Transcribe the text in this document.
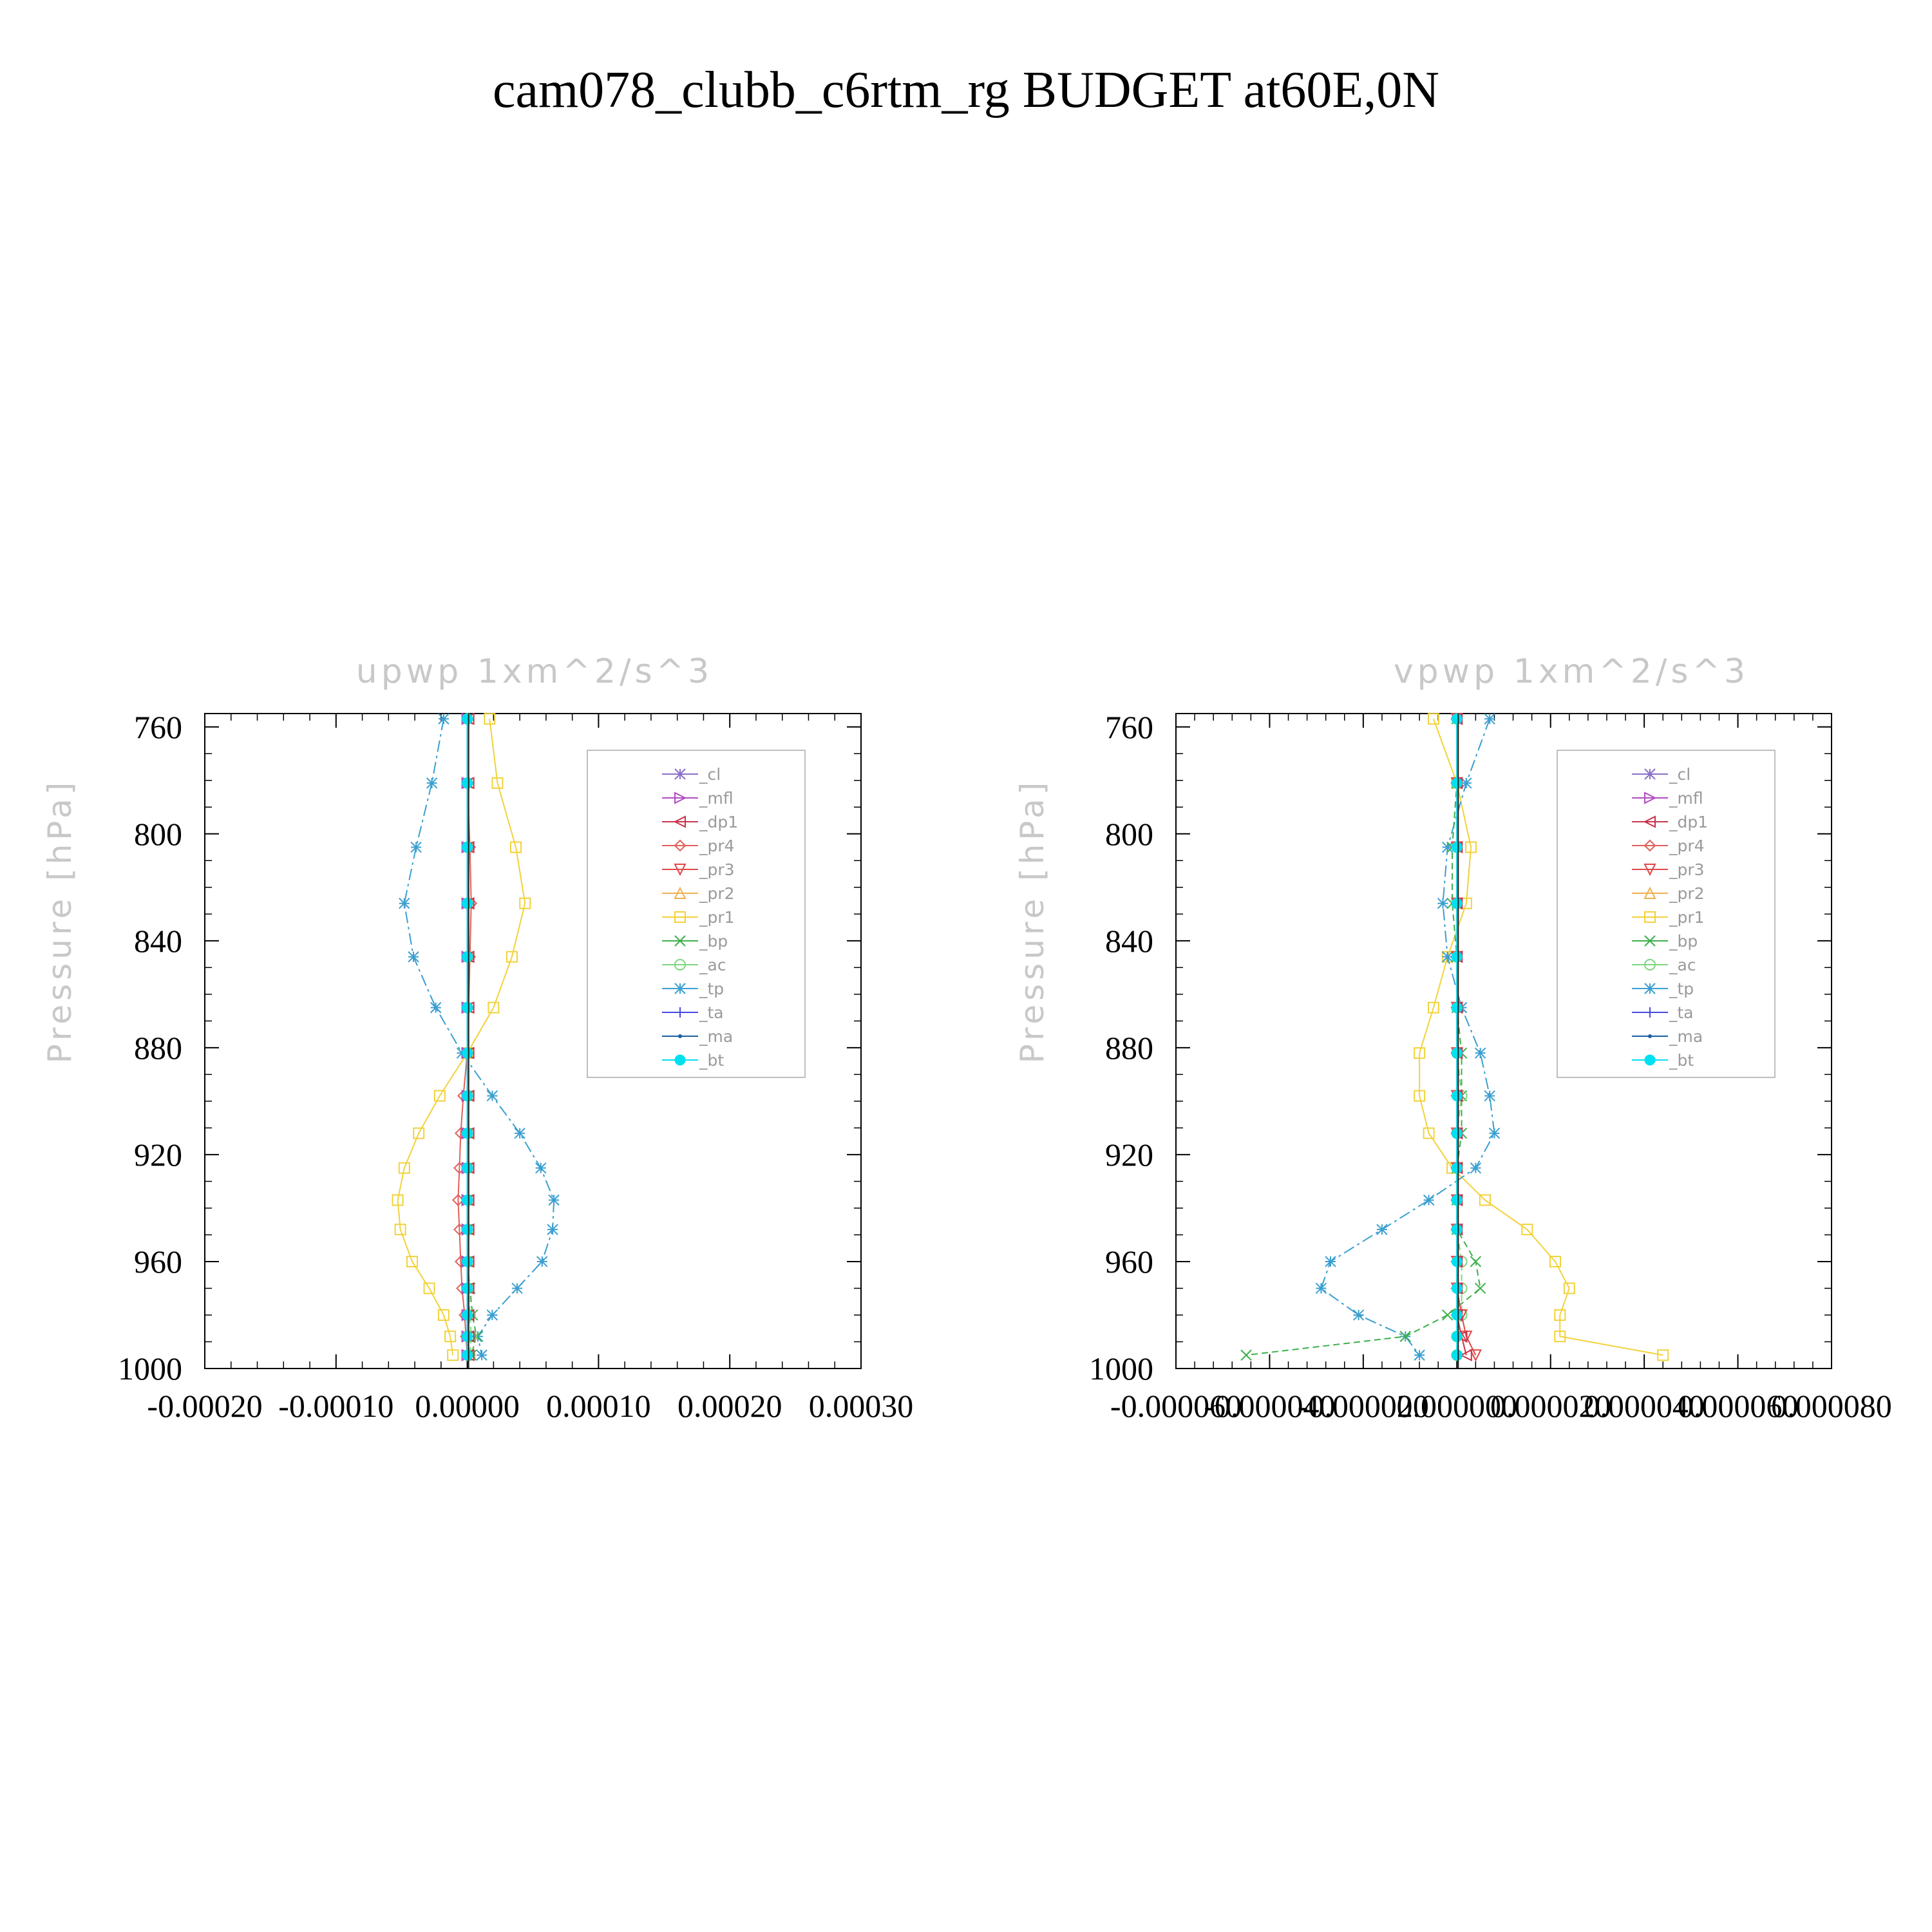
cam078_clubb_c6rtm_rg BUDGET at60E,0N
upwp 1xm^2/s^3
Pressure [hPa]
-0.00020 -0.00010 0.00000 0.00010 0.00020 0.00030
760
800
840
880
920
960
1000
_cl
_mfl
_dp1
_pr4
_pr3
_pr2
_pr1
_bp
_ac
_tp
_ta
_ma
_bt
vpwp 1xm^2/s^3
Pressure [hPa]
-0.000060
-0.000040
-0.000020
0.000000
0.000020
0.000040
0.000060
0.000080
760
800
840
880
920
960
1000
_cl
_mfl
_dp1
_pr4
_pr3
_pr2
_pr1
_bp
_ac
_tp
_ta
_ma
_bt
